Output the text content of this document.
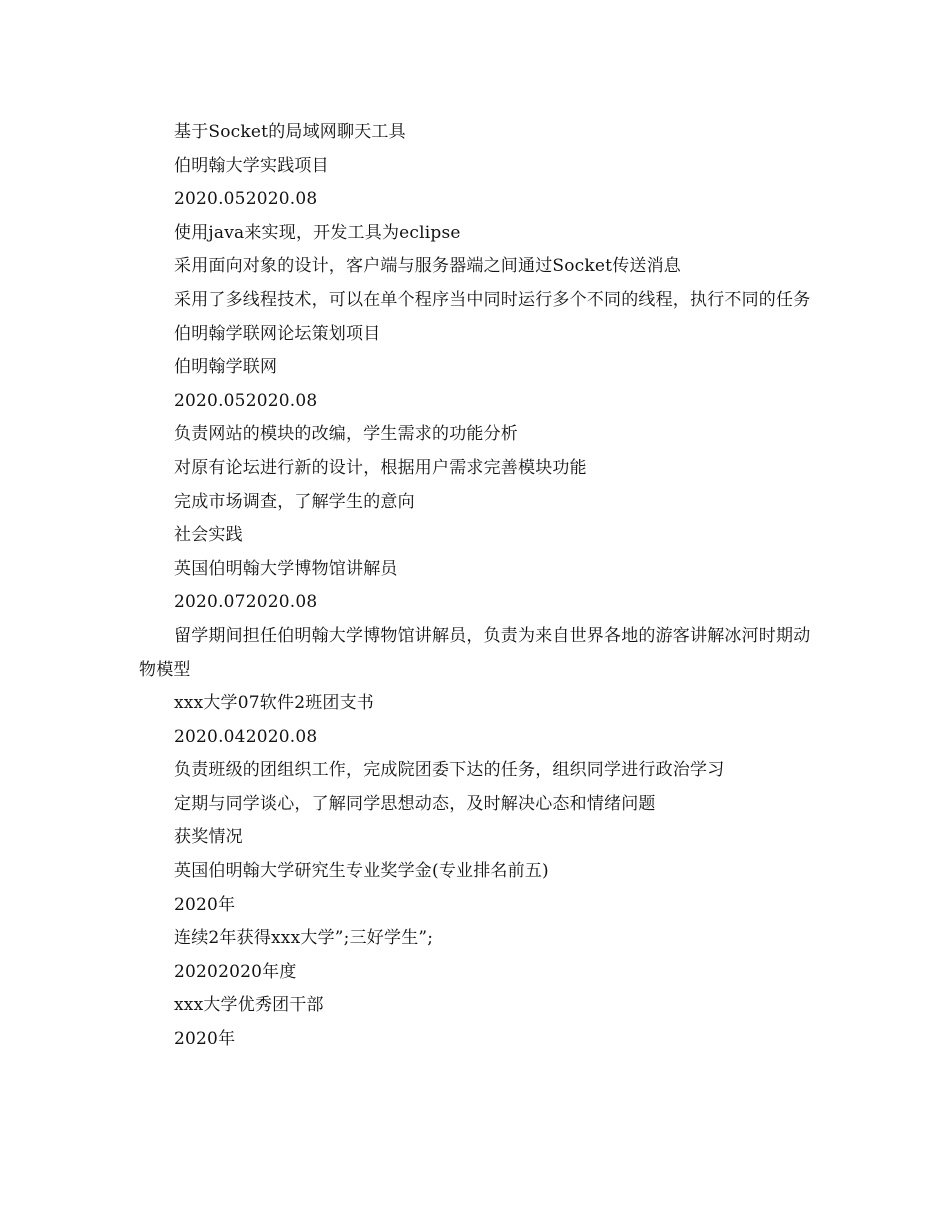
基于Socket的局域网聊天工具

伯明翰大学实践项目

2020.052020.08

使用java来实现，开发工具为eclipse

采用面向对象的设计，客户端与服务器端之间通过Socket传送消息

采用了多线程技术，可以在单个程序当中同时运行多个不同的线程，执行不同的任务

伯明翰学联网论坛策划项目

伯明翰学联网

2020.052020.08

负责网站的模块的改编，学生需求的功能分析

对原有论坛进行新的设计，根据用户需求完善模块功能

完成市场调查，了解学生的意向

社会实践

英国伯明翰大学博物馆讲解员

2020.072020.08

留学期间担任伯明翰大学博物馆讲解员，负责为来自世界各地的游客讲解冰河时期动物模型

xxx大学07软件2班团支书

2020.042020.08

负责班级的团组织工作，完成院团委下达的任务，组织同学进行政治学习

定期与同学谈心，了解同学思想动态，及时解决心态和情绪问题

获奖情况

英国伯明翰大学研究生专业奖学金(专业排名前五)

2020年

连续2年获得xxx大学”;三好学生”;

20202020年度

xxx大学优秀团干部

2020年
